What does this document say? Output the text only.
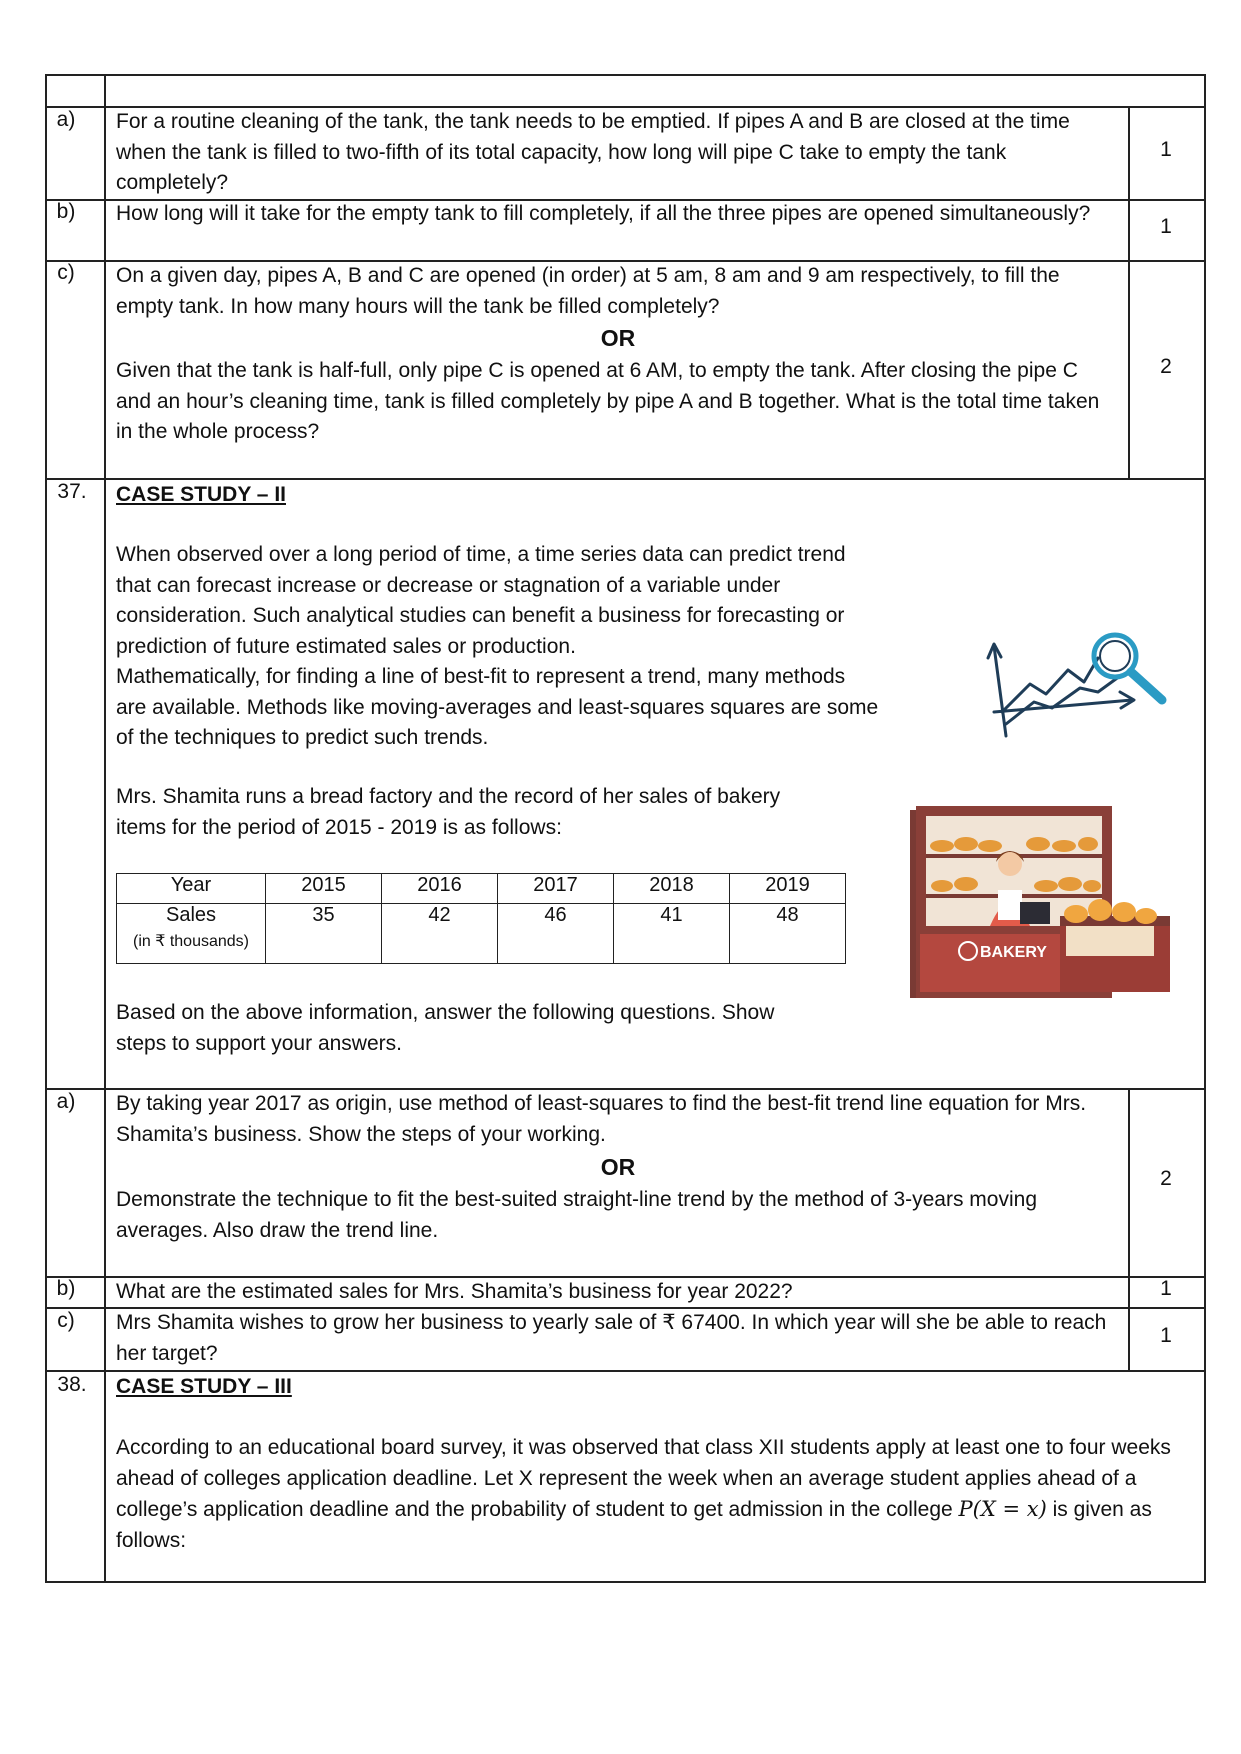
a)	For a routine cleaning of the tank, the tank needs to be emptied. If pipes A and B are closed at the time when the tank is filled to two-fifth of its total capacity, how long will pipe C take to empty the tank completely?
1
b)	How long will it take for the empty tank to fill completely, if all the three pipes are opened simultaneously?
1
c)	On a given day, pipes A, B and C are opened (in order) at 5 am, 8 am and 9 am respectively, to fill the empty tank. In how many hours will the tank be filled completely?
OR
Given that the tank is half-full, only pipe C is opened at 6 AM, to empty the tank. After closing the pipe C and an hour’s cleaning time, tank is filled completely by pipe A and B together. What is the total time taken in the whole process?
2
37.	CASE STUDY – II
When observed over a long period of time, a time series data can predict trend
that can forecast increase or decrease or stagnation of a variable under
consideration. Such analytical studies can benefit a business for forecasting or
prediction of future estimated sales or production.
Mathematically, for finding a line of best-fit to represent a trend, many methods
are available. Methods like moving-averages and least-squares squares are some
of the techniques to predict such trends.
Mrs. Shamita runs a bread factory and the record of her sales of bakery
items for the period of 2015 - 2019 is as follows:
Year	2015	2016	2017	2018	2019

Sales
(in ₹ thousands)	35	42	46	41	48
BAKERY
Based on the above information, answer the following questions. Show
steps to support your answers.
a)	By taking year 2017 as origin, use method of least-squares to find the best-fit trend line equation for Mrs. Shamita’s business. Show the steps of your working.
OR
Demonstrate the technique to fit the best-suited straight-line trend by the method of 3-years moving averages. Also draw the trend line.
2
b)	What are the estimated sales for Mrs. Shamita’s business for year 2022?	1
c)	Mrs Shamita wishes to grow her business to yearly sale of ₹ 67400. In which year will she be able to reach her target?
1
38.	CASE STUDY – III
According to an educational board survey, it was observed that class XII students apply at least one to four weeks ahead of colleges application deadline. Let X represent the week when an average student applies ahead of a college’s application deadline and the probability of student to get admission in the college P(X = x) is given as follows:
